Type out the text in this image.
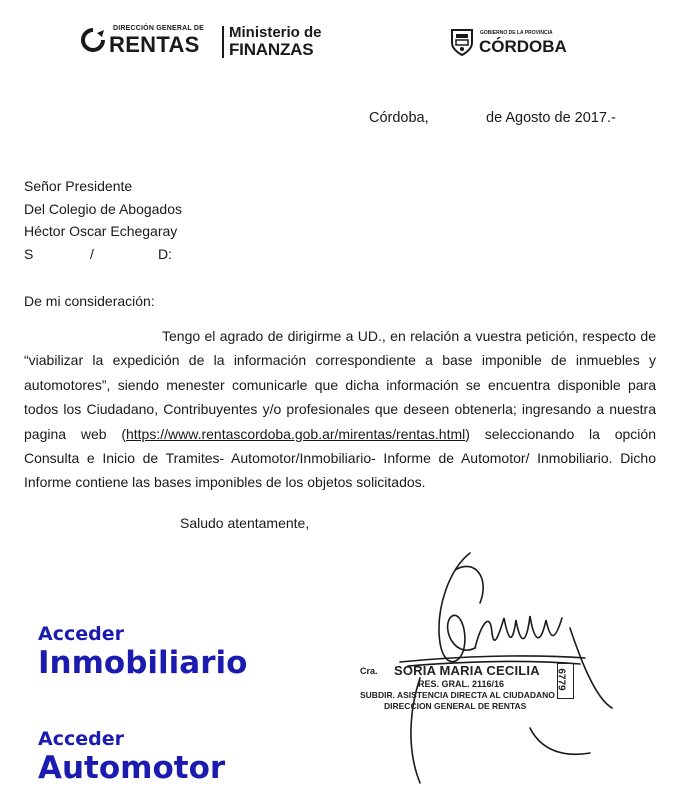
DIRECCIÓN GENERAL DE
RENTAS Ministerio de
FINANZAS
GOBIERNO DE LA PROVINCIA
CÓRDOBA
Córdoba,	de Agosto de 2017.-
Señor Presidente
Del Colegio de Abogados
Héctor Oscar Echegaray
S	/	D:
De mi consideración:
Tengo el agrado de dirigirme a UD., en relación a vuestra petición, respecto de “viabilizar la expedición de la información correspondiente a base imponible de inmuebles y automotores”, siendo menester comunicarle que dicha información se encuentra disponible para todos los Ciudadano, Contribuyentes y/o profesionales que deseen obtenerla; ingresando a nuestra pagina web (https://www.rentascordoba.gob.ar/mirentas/rentas.html) seleccionando la opción Consulta e Inicio de Tramites- Automotor/Inmobiliario- Informe de Automotor/ Inmobiliario. Dicho Informe contiene las bases imponibles de los objetos solicitados.
Saludo atentamente,
Cra. SORIA MARIA CECILIA
RES. GRAL. 2116/16
SUBDIR. ASISTENCIA DIRECTA AL CIUDADANO
DIRECCION GENERAL DE RENTAS
6779
Acceder
Inmobiliario
Acceder
Automotor
